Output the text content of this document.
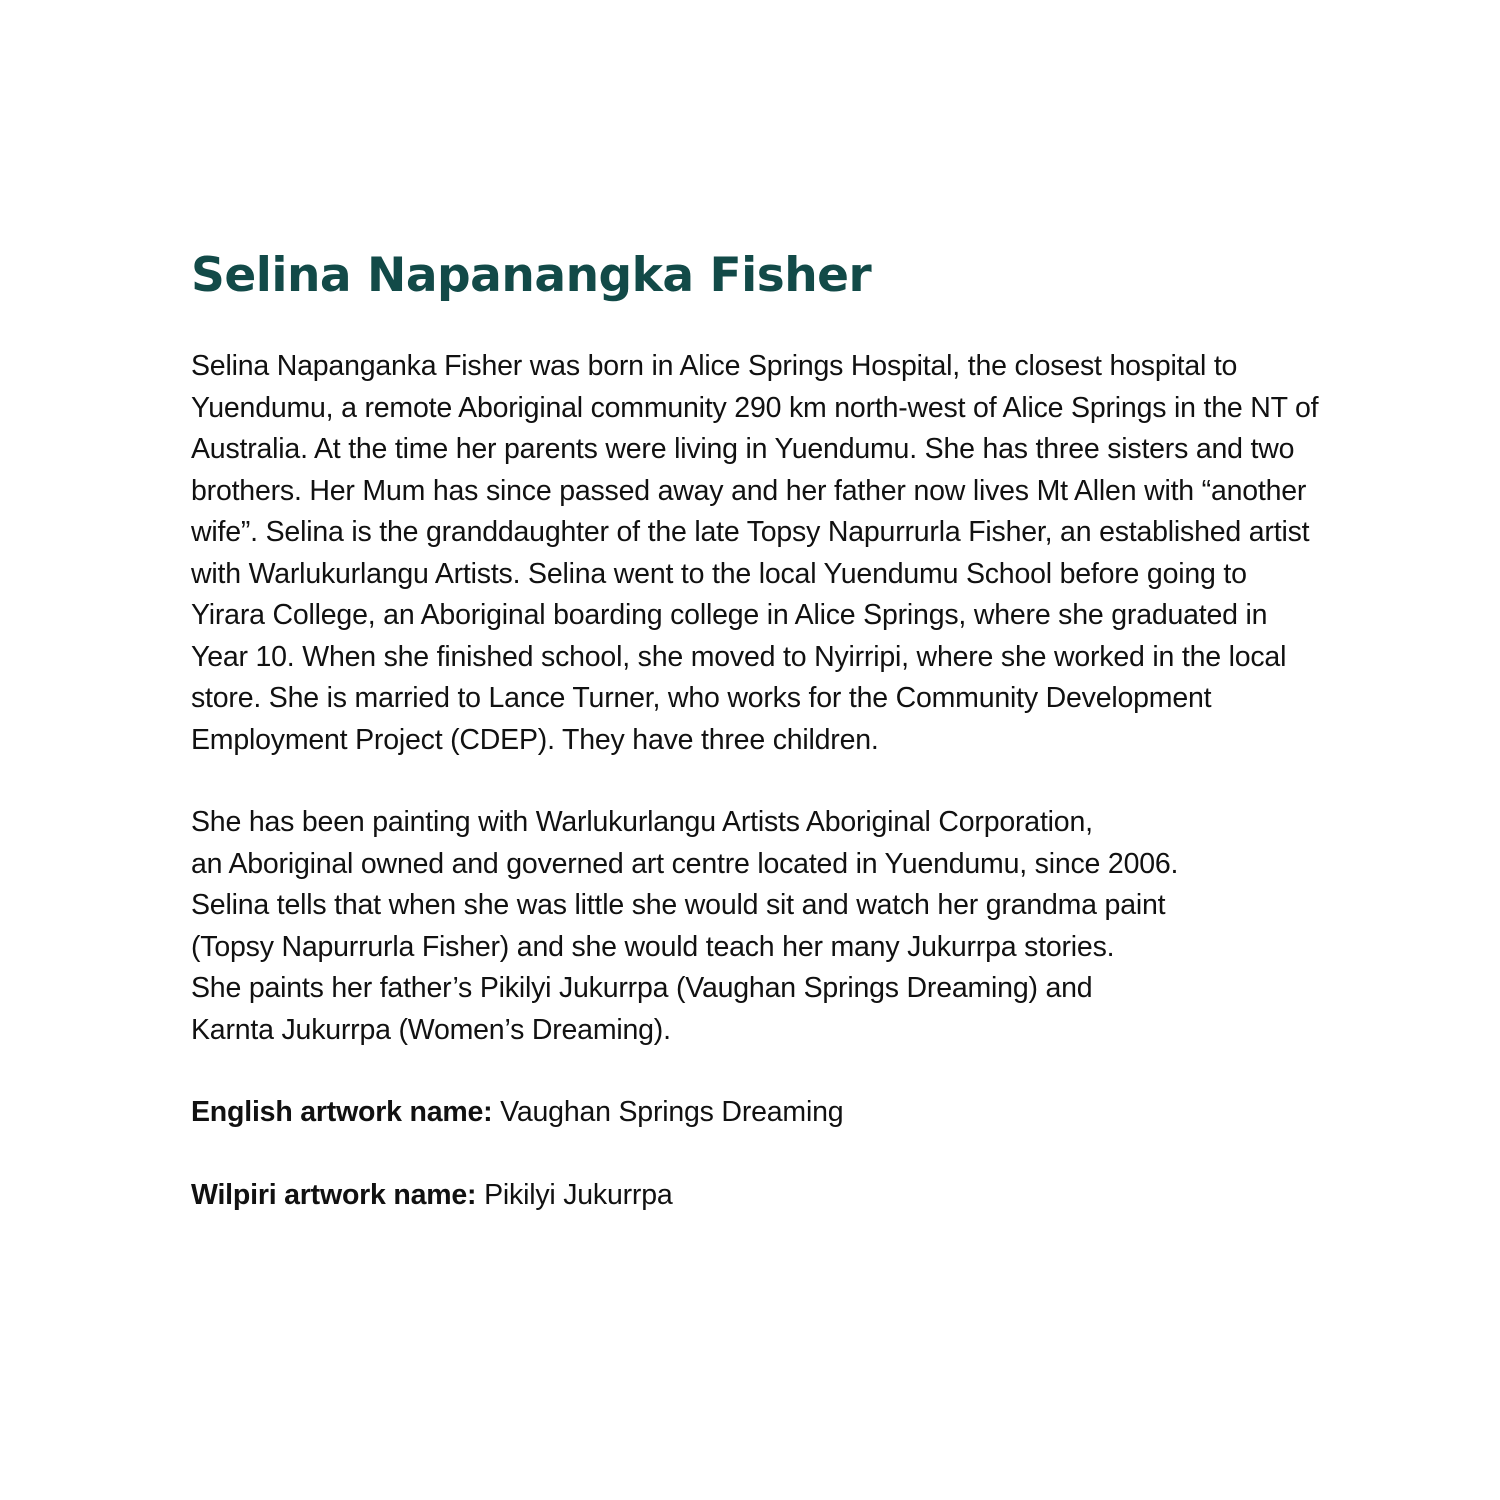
Selina Napanangka Fisher

Selina Napanganka Fisher was born in Alice Springs Hospital, the closest hospital to Yuendumu, a remote Aboriginal community 290 km north-west of Alice Springs in the NT of Australia. At the time her parents were living in Yuendumu. She has three sisters and two brothers. Her Mum has since passed away and her father now lives Mt Allen with “another wife”. Selina is the granddaughter of the late Topsy Napurrurla Fisher, an established artist with Warlukurlangu Artists. Selina went to the local Yuendumu School before going to Yirara College, an Aboriginal boarding college in Alice Springs, where she graduated in Year 10. When she finished school, she moved to Nyirripi, where she worked in the local store. She is married to Lance Turner, who works for the Community Development Employment Project (CDEP). They have three children.

She has been painting with Warlukurlangu Artists Aboriginal Corporation,
an Aboriginal owned and governed art centre located in Yuendumu, since 2006.
Selina tells that when she was little she would sit and watch her grandma paint
(Topsy Napurrurla Fisher) and she would teach her many Jukurrpa stories.
She paints her father’s Pikilyi Jukurrpa (Vaughan Springs Dreaming) and
Karnta Jukurrpa (Women’s Dreaming).

English artwork name: Vaughan Springs Dreaming

Wilpiri artwork name: Pikilyi Jukurrpa
